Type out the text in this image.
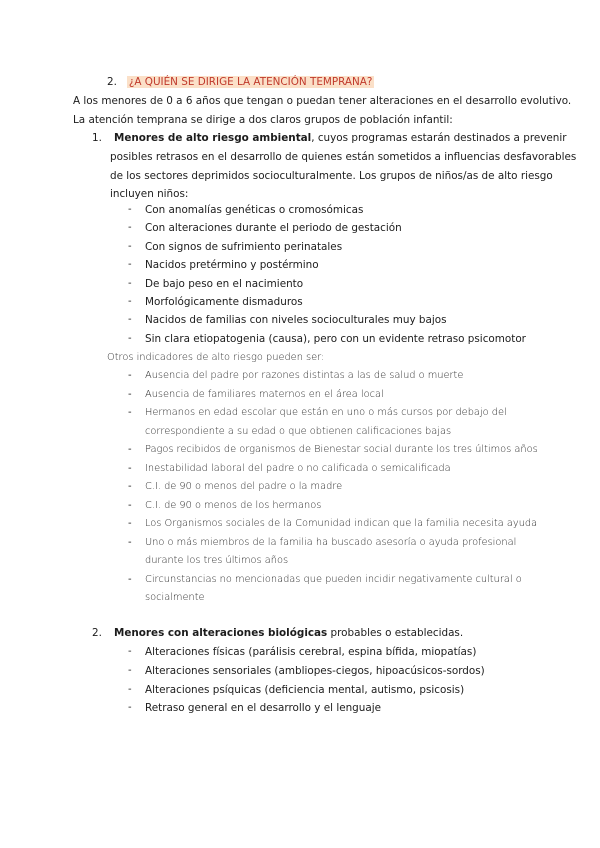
2. ¿A QUIÉN SE DIRIGE LA ATENCIÓN TEMPRANA?
A los menores de 0 a 6 años que tengan o puedan tener alteraciones en el desarrollo evolutivo.
La atención temprana se dirige a dos claros grupos de población infantil:
1. Menores de alto riesgo ambiental, cuyos programas estarán destinados a prevenir
Otros indicadores de alto riesgo pueden ser:
2. Menores con alteraciones biológicas probables o establecidas.
posibles retrasos en el desarrollo de quienes están sometidos a influencias desfavorables
de los sectores deprimidos socioculturalmente. Los grupos de niños/as de alto riesgo
incluyen niños:
- Con anomalías genéticas o cromosómicas
- Con alteraciones durante el periodo de gestación
- Con signos de sufrimiento perinatales
- Nacidos pretérmino y postérmino
- De bajo peso en el nacimiento
- Morfológicamente dismaduros
- Nacidos de familias con niveles socioculturales muy bajos
- Sin clara etiopatogenia (causa), pero con un evidente retraso psicomotor
- Ausencia del padre por razones distintas a las de salud o muerte
- Ausencia de familiares maternos en el área local
- Hermanos en edad escolar que están en uno o más cursos por debajo del
correspondiente a su edad o que obtienen calificaciones bajas
- Pagos recibidos de organismos de Bienestar social durante los tres últimos años
- Inestabilidad laboral del padre o no calificada o semicalificada
- C.I. de 90 o menos del padre o la madre
- C.I. de 90 o menos de los hermanos
- Los Organismos sociales de la Comunidad indican que la familia necesita ayuda
- Uno o más miembros de la familia ha buscado asesoría o ayuda profesional
durante los tres últimos años
- Circunstancias no mencionadas que pueden incidir negativamente cultural o
socialmente
- Alteraciones físicas (parálisis cerebral, espina bífida, miopatías)
- Alteraciones sensoriales (ambliopes-ciegos, hipoacúsicos-sordos)
- Alteraciones psíquicas (deficiencia mental, autismo, psicosis)
- Retraso general en el desarrollo y el lenguaje
